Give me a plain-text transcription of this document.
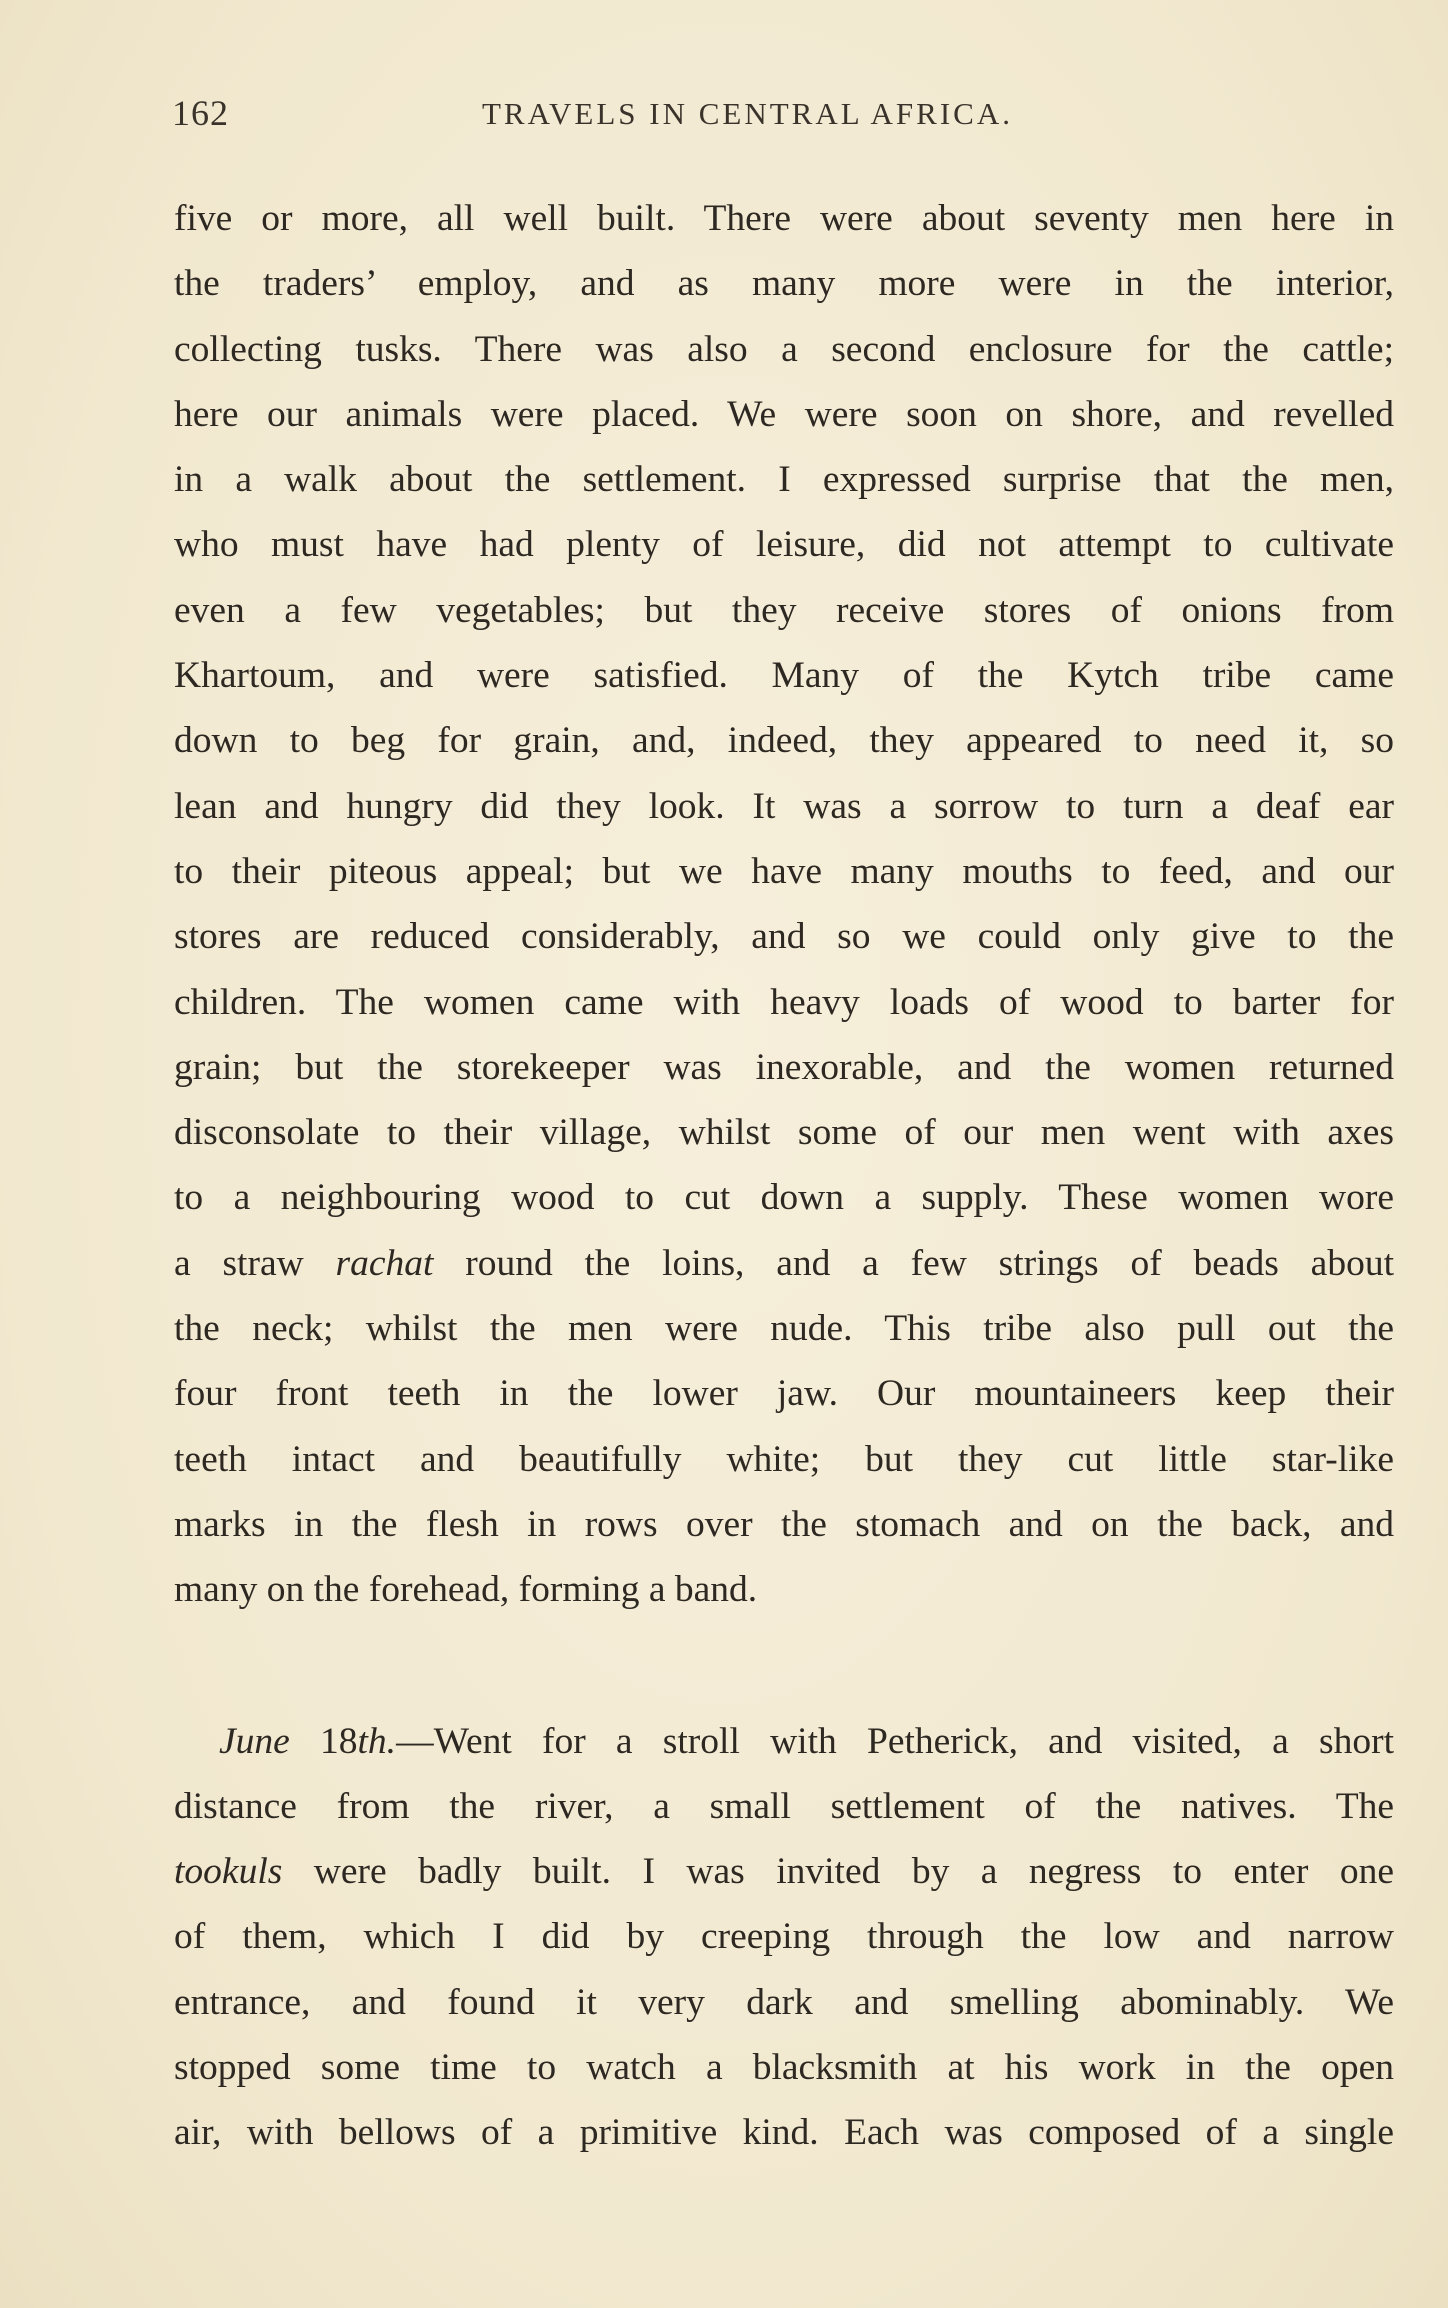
162	TRAVELS IN CENTRAL AFRICA.
five or more, all well built. There were about seventy men here in
the traders’ employ, and as many more were in the interior,
collecting tusks. There was also a second enclosure for the cattle;
here our animals were placed. We were soon on shore, and revelled
in a walk about the settlement. I expressed surprise that the men,
who must have had plenty of leisure, did not attempt to cultivate
even a few vegetables; but they receive stores of onions from
Khartoum, and were satisfied. Many of the Kytch tribe came
down to beg for grain, and, indeed, they appeared to need it, so
lean and hungry did they look. It was a sorrow to turn a deaf ear
to their piteous appeal; but we have many mouths to feed, and our
stores are reduced considerably, and so we could only give to the
children. The women came with heavy loads of wood to barter for
grain; but the storekeeper was inexorable, and the women returned
disconsolate to their village, whilst some of our men went with axes
to a neighbouring wood to cut down a supply. These women wore
a straw rachat round the loins, and a few strings of beads about
the neck; whilst the men were nude. This tribe also pull out the
four front teeth in the lower jaw. Our mountaineers keep their
teeth intact and beautifully white; but they cut little star-like
marks in the flesh in rows over the stomach and on the back, and
many on the forehead, forming a band.
June 18th.—Went for a stroll with Petherick, and visited, a short
distance from the river, a small settlement of the natives. The
tookuls were badly built. I was invited by a negress to enter one
of them, which I did by creeping through the low and narrow
entrance, and found it very dark and smelling abominably. We
stopped some time to watch a blacksmith at his work in the open
air, with bellows of a primitive kind. Each was composed of a single
